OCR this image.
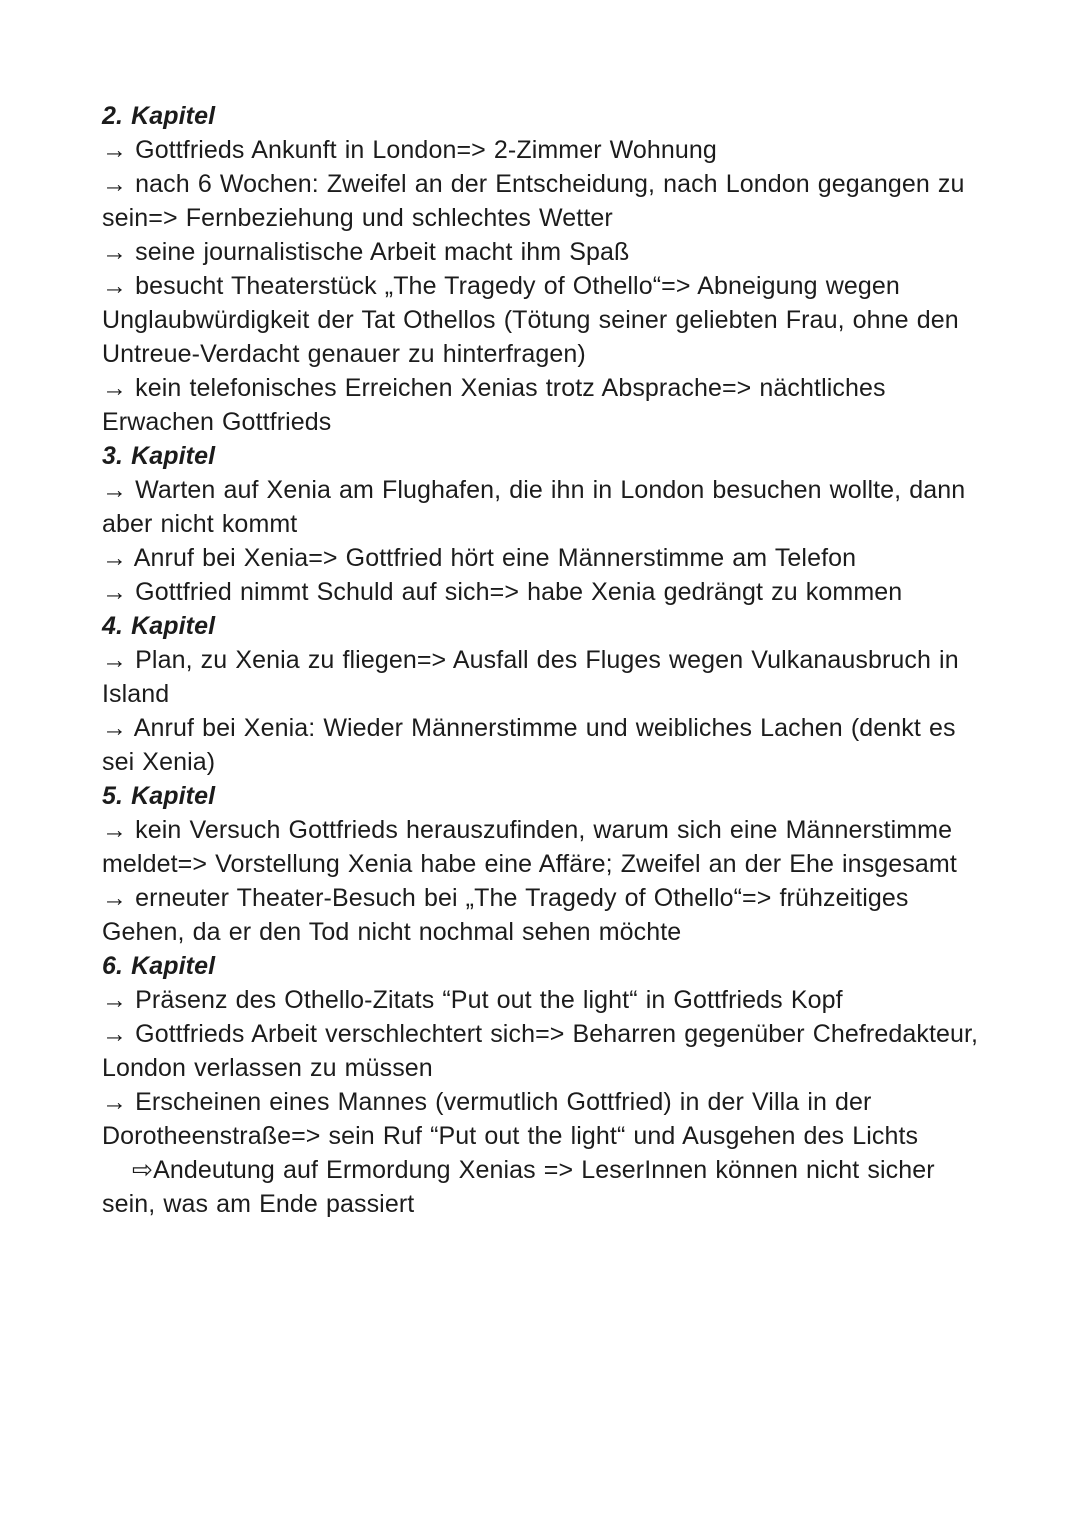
2. Kapitel

→ Gottfrieds Ankunft in London=> 2-Zimmer Wohnung

→ nach 6 Wochen: Zweifel an der Entscheidung, nach London gegangen zu sein=> Fernbeziehung und schlechtes Wetter

→ seine journalistische Arbeit macht ihm Spaß

→ besucht Theaterstück „The Tragedy of Othello“=> Abneigung wegen Unglaubwürdigkeit der Tat Othellos (Tötung seiner geliebten Frau, ohne den Untreue-Verdacht genauer zu hinterfragen)

→ kein telefonisches Erreichen Xenias trotz Absprache=> nächtliches Erwachen Gottfrieds

3. Kapitel

→ Warten auf Xenia am Flughafen, die ihn in London besuchen wollte, dann aber nicht kommt

→ Anruf bei Xenia=> Gottfried hört eine Männerstimme am Telefon

→ Gottfried nimmt Schuld auf sich=> habe Xenia gedrängt zu kommen

4. Kapitel

→ Plan, zu Xenia zu fliegen=> Ausfall des Fluges wegen Vulkanausbruch in Island

→ Anruf bei Xenia: Wieder Männerstimme und weibliches Lachen (denkt es sei Xenia)

5. Kapitel

→ kein Versuch Gottfrieds herauszufinden, warum sich eine Männerstimme meldet=> Vorstellung Xenia habe eine Affäre; Zweifel an der Ehe insgesamt

→ erneuter Theater-Besuch bei „The Tragedy of Othello“=> frühzeitiges Gehen, da er den Tod nicht nochmal sehen möchte

6. Kapitel

→ Präsenz des Othello-Zitats “Put out the light“ in Gottfrieds Kopf

→ Gottfrieds Arbeit verschlechtert sich=> Beharren gegenüber Chefredakteur, London verlassen zu müssen

→ Erscheinen eines Mannes (vermutlich Gottfried) in der Villa in der Dorotheenstraße=> sein Ruf “Put out the light“ und Ausgehen des Lichts

⇨Andeutung auf Ermordung Xenias => LeserInnen können nicht sicher sein, was am Ende passiert
